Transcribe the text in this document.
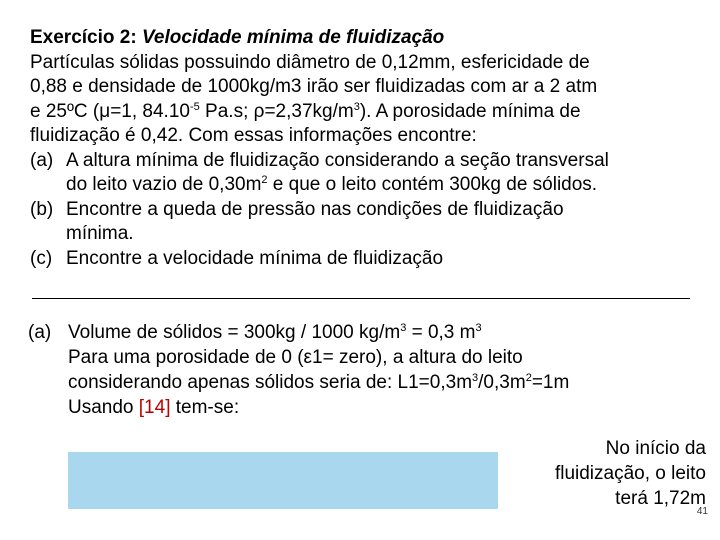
Exercício 2: Velocidade mínima de fluidização
Partículas sólidas possuindo diâmetro de 0,12mm, esfericidade de
0,88 e densidade de 1000kg/m3 irão ser fluidizadas com ar a 2 atm
e 25ºC (μ=1, $84.10^{-5}$ Pa.s; $\rho=2,37kg/m^3$). A porosidade mínima de
fluidização é 0,42. Com essas informações encontre:
(a) A altura mínima de fluidização considerando a seção transversal
do leito vazio de $0,30m^2$ e que o leito contém 300kg de sólidos.
(b) Encontre a queda de pressão nas condições de fluidização
mínima.
(c) Encontre a velocidade mínima de fluidização
(a) Volume de sólidos = 300kg / 1000 $kg/m^3 = 0,3$ $m^3$
Para uma porosidade de 0 (ε1= zero), a altura do leito
considerando apenas sólidos seria de: $L1=0,3m^3/0,3m^2=1m$
Usando [14] tem-se:
No início da
fluidização, o leito
terá 1,72m
41
